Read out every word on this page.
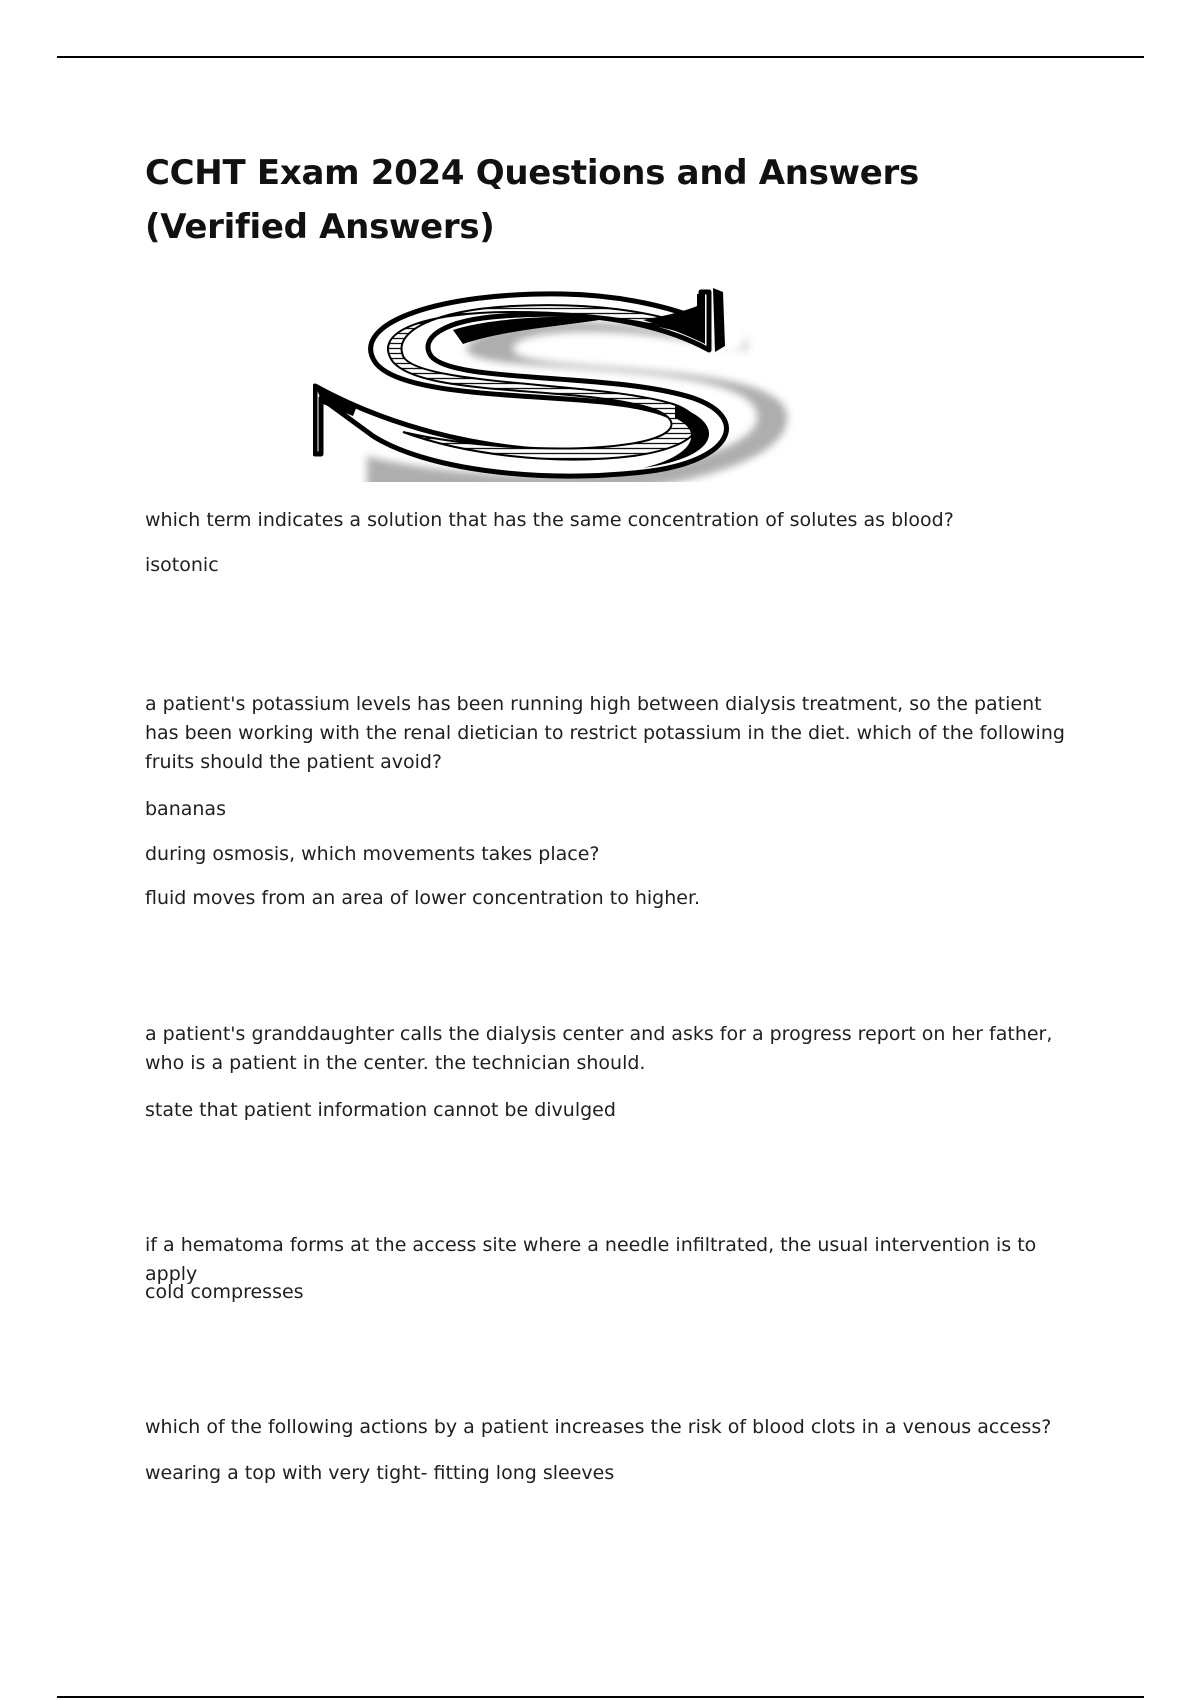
CCHT Exam 2024 Questions and Answers (Verified Answers)

which term indicates a solution that has the same concentration of solutes as blood?

isotonic

a patient's potassium levels has been running high between dialysis treatment, so the patient has been working with the renal dietician to restrict potassium in the diet. which of the following fruits should the patient avoid?

bananas

during osmosis, which movements takes place?

fluid moves from an area of lower concentration to higher.

a patient's granddaughter calls the dialysis center and asks for a progress report on her father, who is a patient in the center. the technician should.

state that patient information cannot be divulged

if a hematoma forms at the access site where a needle infiltrated, the usual intervention is to apply

cold compresses

which of the following actions by a patient increases the risk of blood clots in a venous access?

wearing a top with very tight- fitting long sleeves
